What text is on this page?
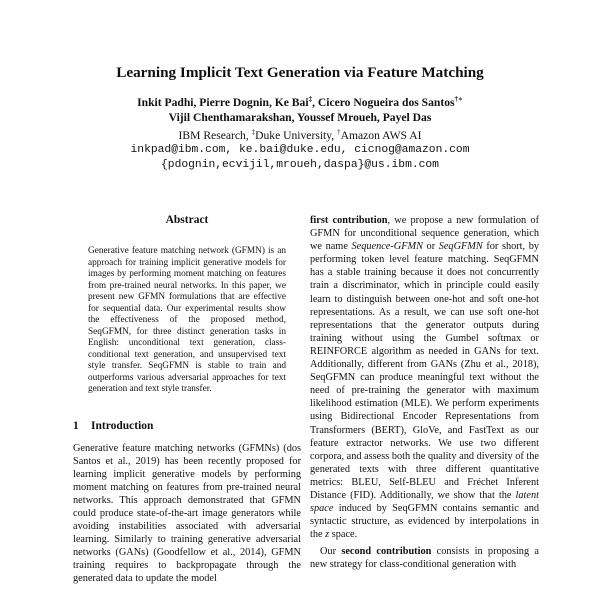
Learning Implicit Text Generation via Feature Matching
Inkit Padhi, Pierre Dognin, Ke Bai‡, Cicero Nogueira dos Santos†∗
Vijil Chenthamarakshan, Youssef Mroueh, Payel Das
IBM Research, ‡Duke University, †Amazon AWS AI
inkpad@ibm.com, ke.bai@duke.edu, cicnog@amazon.com
{pdognin,ecvijil,mroueh,daspa}@us.ibm.com
Abstract

Generative feature matching network (GFMN) is an approach for training implicit generative models for images by performing moment matching on features from pre-trained neural networks. In this paper, we present new GFMN formulations that are effective for sequential data. Our experimental results show the effectiveness of the proposed method, SeqGFMN, for three distinct generation tasks in English: unconditional text generation, class-conditional text generation, and unsupervised text style transfer. SeqGFMN is stable to train and outperforms various adversarial approaches for text generation and text style transfer.

1 Introduction

Generative feature matching networks (GFMNs) (dos Santos et al., 2019) has been recently proposed for learning implicit generative models by performing moment matching on features from pre-trained neural networks. This approach demonstrated that GFMN could produce state-of-the-art image generators while avoiding instabilities associated with adversarial learning. Similarly to training generative adversarial networks (GANs) (Goodfellow et al., 2014), GFMN training requires to backpropagate through the generated data to update the model

first contribution, we propose a new formulation of GFMN for unconditional sequence generation, which we name Sequence-GFMN or SeqGFMN for short, by performing token level feature matching. SeqGFMN has a stable training because it does not concurrently train a discriminator, which in principle could easily learn to distinguish between one-hot and soft one-hot representations. As a result, we can use soft one-hot representations that the generator outputs during training without using the Gumbel softmax or REINFORCE algorithm as needed in GANs for text. Additionally, different from GANs (Zhu et al., 2018), SeqGFMN can produce meaningful text without the need of pre-training the generator with maximum likelihood estimation (MLE). We perform experiments using Bidirectional Encoder Representations from Transformers (BERT), GloVe, and FastText as our feature extractor networks. We use two different corpora, and assess both the quality and diversity of the generated texts with three different quantitative metrics: BLEU, Self-BLEU and Fréchet Inferent Distance (FID). Additionally, we show that the latent space induced by SeqGFMN contains semantic and syntactic structure, as evidenced by interpolations in the z space.

Our second contribution consists in proposing a new strategy for class-conditional generation with
